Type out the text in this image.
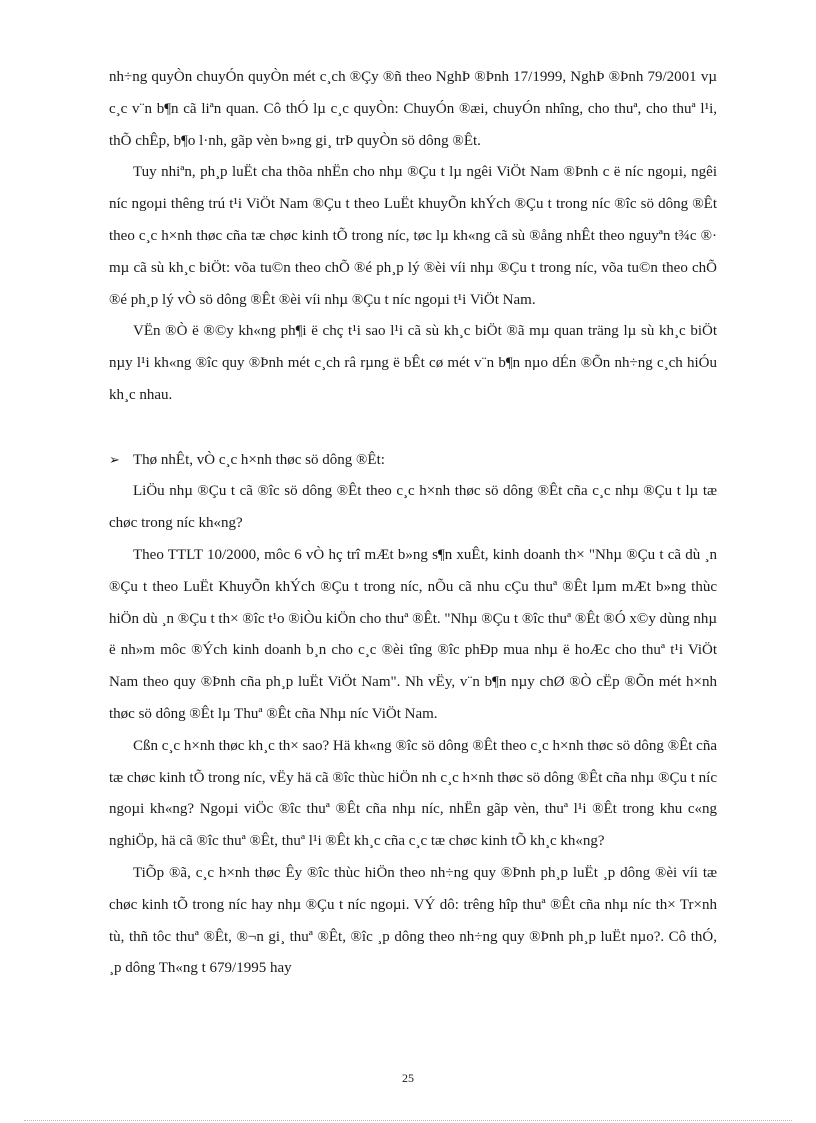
nh÷ng quyÒn chuyÓn quyÒn mét c¸ch ®Çy ®ñ theo NghÞ ®Þnh 17/1999, NghÞ ®Þnh 79/2001 vµ c¸c v¨n b¶n cã liªn quan. Cô thÓ lµ c¸c quyÒn: ChuyÓn ®æi, chuyÓn nhîng, cho thuª, cho thuª l¹i, thÕ chÊp, b¶o l·nh, gãp vèn b»ng gi¸ trÞ quyÒn sö dông ®Êt.

Tuy nhiªn, ph¸p luËt cha thõa nhËn cho nhµ ®Çu t lµ ngêi ViÖt Nam ®Þnh c ë níc ngoµi, ngêi níc ngoµi thêng trú t¹i ViÖt Nam ®Çu t theo LuËt khuyÕn khÝch ®Çu t trong níc ®îc sö dông ®Êt theo c¸c h×nh thøc cña tæ chøc kinh tÕ trong níc, tøc lµ kh«ng cã sù ®ång nhÊt theo nguyªn t¾c ®· mµ cã sù kh¸c biÖt: võa tu©n theo chÕ ®é ph¸p lý ®èi víi nhµ ®Çu t trong níc, võa tu©n theo chÕ ®é ph¸p lý vÒ sö dông ®Êt ®èi víi nhµ ®Çu t níc ngoµi t¹i ViÖt Nam.

VËn ®Ò ë ®©y kh«ng ph¶i ë chç t¹i sao l¹i cã sù kh¸c biÖt ®ã mµ quan träng lµ sù kh¸c biÖt nµy l¹i kh«ng ®îc quy ®Þnh mét c¸ch râ rµng ë bÊt cø mét v¨n b¶n nµo dÉn ®Õn nh÷ng c¸ch hiÓu kh¸c nhau.

➢ Thø nhÊt, vÒ c¸c h×nh thøc sö dông ®Êt:

LiÖu nhµ ®Çu t cã ®îc sö dông ®Êt theo c¸c h×nh thøc sö dông ®Êt cña c¸c nhµ ®Çu t lµ tæ chøc trong níc kh«ng?

Theo TTLT 10/2000, môc 6 vÒ hç trî mÆt b»ng s¶n xuÊt, kinh doanh th× "Nhµ ®Çu t cã dù ¸n ®Çu t theo LuËt KhuyÕn khÝch ®Çu t trong níc, nÕu cã nhu cÇu thuª ®Êt lµm mÆt b»ng thùc hiÖn dù ¸n ®Çu t th× ®îc t¹o ®iÒu kiÖn cho thuª ®Êt. "Nhµ ®Çu t ®îc thuª ®Êt ®Ó x©y dùng nhµ ë nh»m môc ®Ých kinh doanh b¸n cho c¸c ®èi tîng ®îc phÐp mua nhµ ë hoÆc cho thuª t¹i ViÖt Nam theo quy ®Þnh cña ph¸p luËt ViÖt Nam". Nh vËy, v¨n b¶n nµy chØ ®Ò cËp ®Õn mét h×nh thøc sö dông ®Êt lµ Thuª ®Êt cña Nhµ níc ViÖt Nam.

Cßn c¸c h×nh thøc kh¸c th× sao? Hä kh«ng ®îc sö dông ®Êt theo c¸c h×nh thøc sö dông ®Êt cña tæ chøc kinh tÕ trong níc, vËy hä cã ®îc thùc hiÖn nh c¸c h×nh thøc sö dông ®Êt cña nhµ ®Çu t níc ngoµi kh«ng? Ngoµi viÖc ®îc thuª ®Êt cña nhµ níc, nhËn gãp vèn, thuª l¹i ®Êt trong khu c«ng nghiÖp, hä cã ®îc thuª ®Êt, thuª l¹i ®Êt kh¸c cña c¸c tæ chøc kinh tÕ kh¸c kh«ng?

TiÕp ®ã, c¸c h×nh thøc Êy ®îc thùc hiÖn theo nh÷ng quy ®Þnh ph¸p luËt ¸p dông ®èi víi tæ chøc kinh tÕ trong níc hay nhµ ®Çu t níc ngoµi. VÝ dô: trêng hîp thuª ®Êt cña nhµ níc th× Tr×nh tù, thñ tôc thuª ®Êt, ®¬n gi¸ thuª ®Êt, ®îc ¸p dông theo nh÷ng quy ®Þnh ph¸p luËt nµo?. Cô thÓ, ¸p dông Th«ng t 679/1995 hay

25
